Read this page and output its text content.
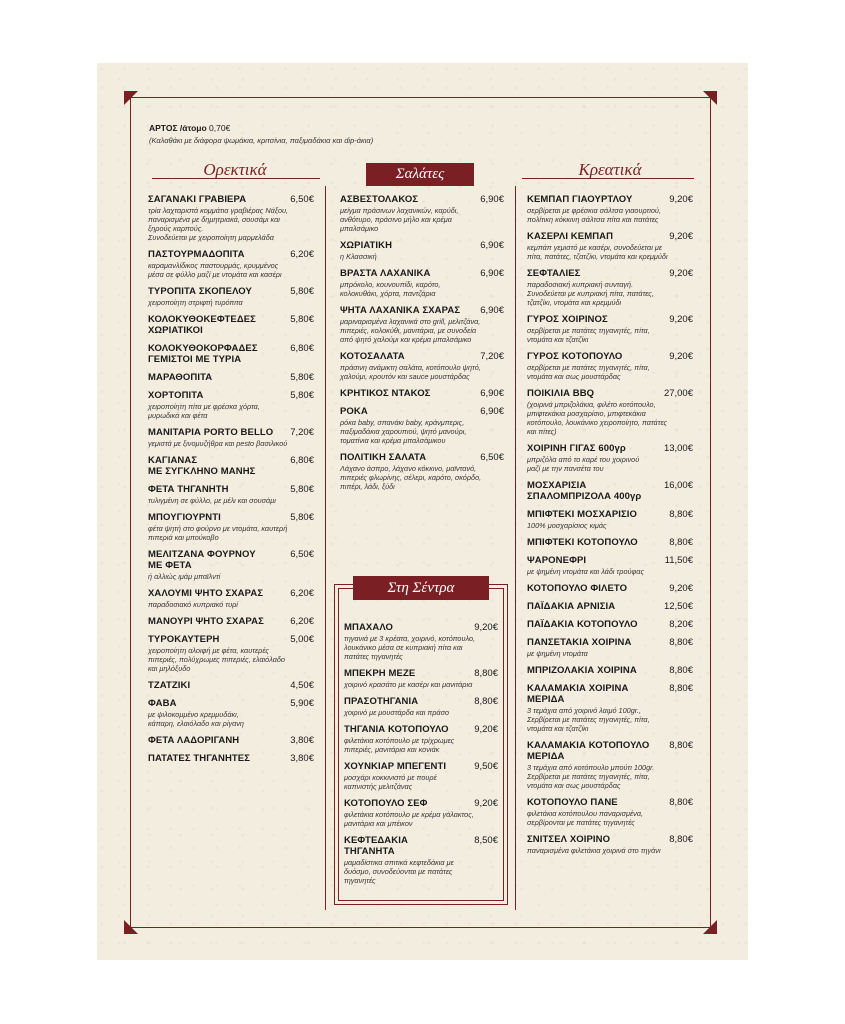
ΑΡΤΟΣ /άτομο 0,70€
(Καλαθάκι με διάφορα ψωμάκια, κριτσίνια, παξιμαδάκια και dip-άκια)
Ορεκτικά	Σαλάτες	Κρεατικά
ΣΑΓΑΝΑΚΙ ΓΡΑΒΙΕΡΑ	6,50€
τρία λαχταριστά κομμάτια γραβιέρας Νάξου,
παναρισμένα με δημητριακά, σουσάμι και
ξηρούς καρπούς.
Συνοδεύεται με χειροποίητη μαρμελάδα
ΠΑΣΤΟΥΡΜΑΔΟΠΙΤΑ	6,20€
καραμανλίδικος παστουρμάς, κρυμμένος
μέσα σε φύλλο μαζί με ντομάτα και κασέρι
ΤΥΡΟΠΙΤΑ ΣΚΟΠΕΛΟΥ	5,80€
χειροποίητη στριφτή τυρόπιτα
ΚΟΛΟΚΥΘΟΚΕΦΤΕΔΕΣ
ΧΩΡΙΑΤΙΚΟΙ
5,80€
ΚΟΛΟΚΥΘΟΚΟΡΦΑΔΕΣ
ΓΕΜΙΣΤΟΙ ΜΕ ΤΥΡΙΑ
6,80€
ΜΑΡΑΘΟΠΙΤΑ	5,80€
ΧΟΡΤΟΠΙΤΑ	5,80€
χειροποίητη πίτα με φρέσκα χόρτα,
μυρωδικά και φέτα
ΜΑΝΙΤΑΡΙΑ PORTO BELLO	7,20€
γεμιστά με ξινομυζήθρα και pesto βασιλικού
ΚΑΓΙΑΝΑΣ
ΜΕ ΣΥΓΚΛΗΝΟ ΜΑΝΗΣ
6,80€
ΦΕΤΑ ΤΗΓΑΝΗΤΗ	5,80€
τυλιγμένη σε φύλλο, με μέλι και σουσάμι
ΜΠΟΥΓΙΟΥΡΝΤΙ	5,80€
φέτα ψητή στο φούρνο με ντομάτα, καυτερή
πιπεριά και μπούκοβο
ΜΕΛΙΤΖΑΝΑ ΦΟΥΡΝΟΥ
ΜΕ ΦΕΤΑ
6,50€
ή αλλιώς ιμάμ μπαϊλντί
ΧΑΛΟΥΜΙ ΨΗΤΟ ΣΧΑΡΑΣ	6,20€
παραδοσιακό κυπριακό τυρί
ΜΑΝΟΥΡΙ ΨΗΤΟ ΣΧΑΡΑΣ	6,20€
ΤΥΡΟΚΑΥΤΕΡΗ	5,00€
χειροποίητη αλοιφή με φέτα, καυτερές
πιπεριές, πολύχρωμες πιπεριές, ελαιόλαδο
και μηλόξυδο
ΤΖΑΤΖΙΚΙ	4,50€
ΦΑΒΑ	5,90€
με ψιλοκομμένο κρεμμυδάκι,
κάπαρη, ελαιόλαδο και ρίγανη
ΦΕΤΑ ΛΑΔΟΡΙΓΑΝΗ	3,80€
ΠΑΤΑΤΕΣ ΤΗΓΑΝΗΤΕΣ	3,80€
ΑΣΒΕΣΤΟΛΑΚΟΣ	6,90€
μείγμα πράσινων λαχανικών, καρύδι,
ανθότυρο, πράσινο μήλο και κρέμα
μπαλσάμικο
ΧΩΡΙΑΤΙΚΗ	6,90€
η Κλασσική
ΒΡΑΣΤΑ ΛΑΧΑΝΙΚΑ	6,90€
μπρόκολο, κουνουπίδι, καρότο,
κολοκυθάκι, χόρτα, παντζάρια
ΨΗΤΑ ΛΑΧΑΝΙΚΑ ΣΧΑΡΑΣ	6,90€
μαριναρισμένα λαχανικά στο grill, μελιτζάνα,
πιπεριές, κολοκύθι, μανιτάρια, με συνοδεία
από ψητό χαλούμι και κρέμα μπαλσάμικο
ΚΟΤΟΣΑΛΑΤΑ	7,20€
πράσινη ανάμικτη σαλάτα, κοτόπουλο ψητό,
χαλούμι, κρουτόν και sauce μουστάρδας
ΚΡΗΤΙΚΟΣ ΝΤΑΚΟΣ	6,90€
ΡΟΚΑ	6,90€
ρόκα baby, σπανάκι baby, κράνμπερις,
παξιμαδάκια χαρουπιού, ψητό μανούρι,
τοματίνια και κρέμα μπαλσάμικου
ΠΟΛΙΤΙΚΗ ΣΑΛΑΤΑ	6,50€
Λάχανο άσπρο, λάχανο κόκκινο, μαϊντανό,
πιπεριές φλωρίνης, σέλερι, καρότο, σκόρδο,
πιπέρι, λάδι, ξύδι
ΚΕΜΠΑΠ ΓΙΑΟΥΡΤΛΟΥ	9,20€
σερβίρεται με φρέσκια σάλτσα γιαουρτιού,
πολίτικη κόκκινη σάλτσα πίτα και πατάτες
ΚΑΣΕΡΛΙ ΚΕΜΠΑΠ	9,20€
κεμπάπ γεμιστό με κασέρι, συνοδεύεται με
πίτα, πατάτες, τζατζίκι, ντομάτα και κρεμμύδι
ΣΕΦΤΑΛΙΕΣ	9,20€
παραδοσιακή κυπριακή συνταγή.
Συνοδεύεται με κυπριακή πίτα, πατάτες,
τζατζίκι, ντομάτα και κρεμμύδι
ΓΥΡΟΣ ΧΟΙΡΙΝΟΣ	9,20€
σερβίρεται με πατάτες τηγανητές, πίτα,
ντομάτα και τζατζίκι
ΓΥΡΟΣ ΚΟΤΟΠΟΥΛΟ	9,20€
σερβίρεται με πατάτες τηγανητές, πίτα,
ντομάτα και σως μουστάρδας
ΠΟΙΚΙΛΙΑ BBQ	27,00€
(χοιρινά μπριζολάκια, φιλέτο κοτόπουλο,
μπιφτεκάκια μοσχαρίσιο, μπιφτεκάκια
κοτόπουλο, λουκάνικο χειροποίητο, πατάτες
και πίτες)
ΧΟΙΡΙΝΗ ΓΙΓΑΣ 600γρ	13,00€
μπριζόλα από το καρέ του χοιρινού
μαζί με την πανσέτα του
ΜΟΣΧΑΡΙΣΙΑ
ΣΠΑΛΟΜΠΡΙΖΟΛΑ 400γρ
16,00€
ΜΠΙΦΤΕΚΙ ΜΟΣΧΑΡΙΣΙΟ	8,80€
100% μοσχαρίσιος κιμάς
ΜΠΙΦΤΕΚΙ ΚΟΤΟΠΟΥΛΟ	8,80€
ΨΑΡΟΝΕΦΡΙ	11,50€
με ψημένη ντομάτα και λάδι τρούφας
ΚΟΤΟΠΟΥΛΟ ΦΙΛΕΤΟ	9,20€
ΠΑΪΔΑΚΙΑ ΑΡΝΙΣΙΑ	12,50€
ΠΑΪΔΑΚΙΑ ΚΟΤΟΠΟΥΛΟ	8,20€
ΠΑΝΣΕΤΑΚΙΑ ΧΟΙΡΙΝΑ	8,80€
με ψημένη ντομάτα
ΜΠΡΙΖΟΛΑΚΙΑ ΧΟΙΡΙΝΑ	8,80€
ΚΑΛΑΜΑΚΙΑ ΧΟΙΡΙΝΑ
ΜΕΡΙΔΑ
8,80€
3 τεμάχια από χοιρινό λαιμό 100gr.,
Σερβίρεται με πατάτες τηγανητές, πίτα,
ντομάτα και τζατζίκι
ΚΑΛΑΜΑΚΙΑ ΚΟΤΟΠΟΥΛΟ
ΜΕΡΙΔΑ
8,80€
3 τεμάχια από κοτόπουλο μπούτι 100gr.
Σερβίρεται με πατάτες τηγανητές, πίτα,
ντομάτα και σως μουστάρδας
ΚΟΤΟΠΟΥΛΟ ΠΑΝΕ	8,80€
φιλετάκια κοτόπουλου παναρισμένα,
σερβίρονται με πατάτες τηγανητές
ΣΝΙΤΣΕΛ ΧΟΙΡΙΝΟ	8,80€
παναρισμένα φιλετάκια χοιρινά στο τηγάνι
Στη Σέντρα
ΜΠΑΧΑΛΟ	9,20€
τηγανιά με 3 κρέατα, χοιρινό, κοτόπουλο,
λουκάνικο μέσα σε κυπριακή πίτα και
πατάτες τηγανητές
ΜΠΕΚΡΗ ΜΕΖΕ	8,80€
χοιρινό κρασάτο με κασέρι και μανιτάρια
ΠΡΑΣΟΤΗΓΑΝΙΑ	8,80€
χοιρινό με μουστάρδα και πράσο
ΤΗΓΑΝΙΑ ΚΟΤΟΠΟΥΛΟ	9,20€
φιλετάκια κοτόπουλο με τρίχρωμες
πιπεριές, μανιτάρια και κονιάκ
ΧΟΥΝΚΙΑΡ ΜΠΕΓΕΝΤΙ	9,50€
μοσχάρι κοκκινιστό με πουρέ
καπνιστής μελιτζάνας
ΚΟΤΟΠΟΥΛΟ ΣΕΦ	9,20€
φιλετάκια κοτόπουλο με κρέμα γάλακτος,
μανιτάρια και μπέικον
ΚΕΦΤΕΔΑΚΙΑ ΤΗΓΑΝΗΤΑ
8,50€
μαμαδίστικα σπιτικά κεφτεδάκια με
δυόσμο, συνοδεύονται με πατάτες
τηγανητές
